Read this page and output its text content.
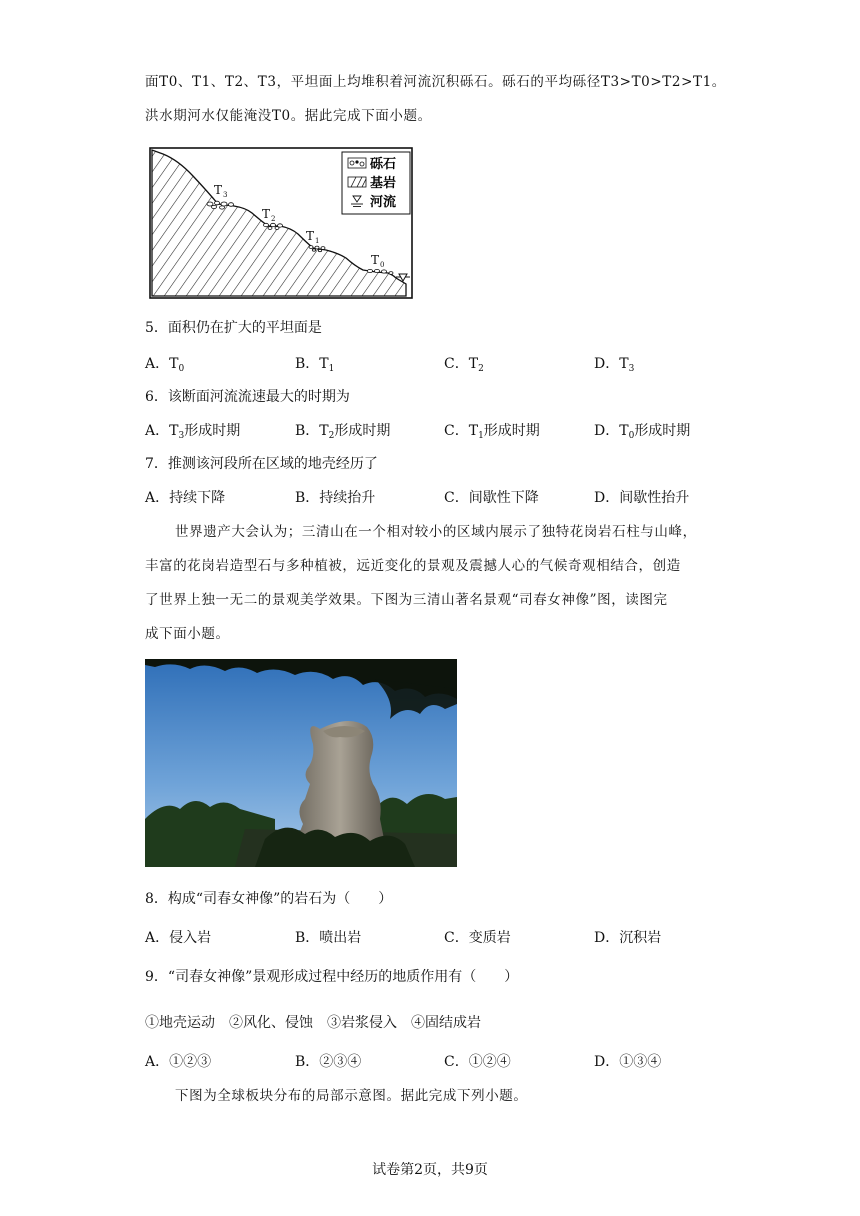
面T0、T1、T2、T3，平坦面上均堆积着河流沉积砾石。砾石的平均砾径T3>T0>T2>T1。
洪水期河水仅能淹没T0。据此完成下面小题。
T 3
T 2
T 1
T 0
砾石
基岩
河流
5．面积仍在扩大的平坦面是
A．$T_0$	B．$T_1$	C．$T_2$	D．$T_3$
6．该断面河流流速最大的时期为
A．$T_3$形成时期	B．$T_2$形成时期	C．$T_1$形成时期	D．$T_0$形成时期
7．推测该河段所在区域的地壳经历了
A．持续下降	B．持续抬升	C．间歇性下降	D．间歇性抬升
世界遗产大会认为；三清山在一个相对较小的区域内展示了独特花岗岩石柱与山峰，
丰富的花岗岩造型石与多种植被，远近变化的景观及震撼人心的气候奇观相结合，创造
了世界上独一无二的景观美学效果。下图为三清山著名景观“司春女神像”图，读图完
成下面小题。
8．构成“司春女神像”的岩石为（　　）
A．侵入岩	B．喷出岩	C．变质岩	D．沉积岩
9．“司春女神像”景观形成过程中经历的地质作用有（　　）
①地壳运动　②风化、侵蚀　③岩浆侵入　④固结成岩
A．①②③	B．②③④	C．①②④	D．①③④
下图为全球板块分布的局部示意图。据此完成下列小题。
试卷第2页，共9页
